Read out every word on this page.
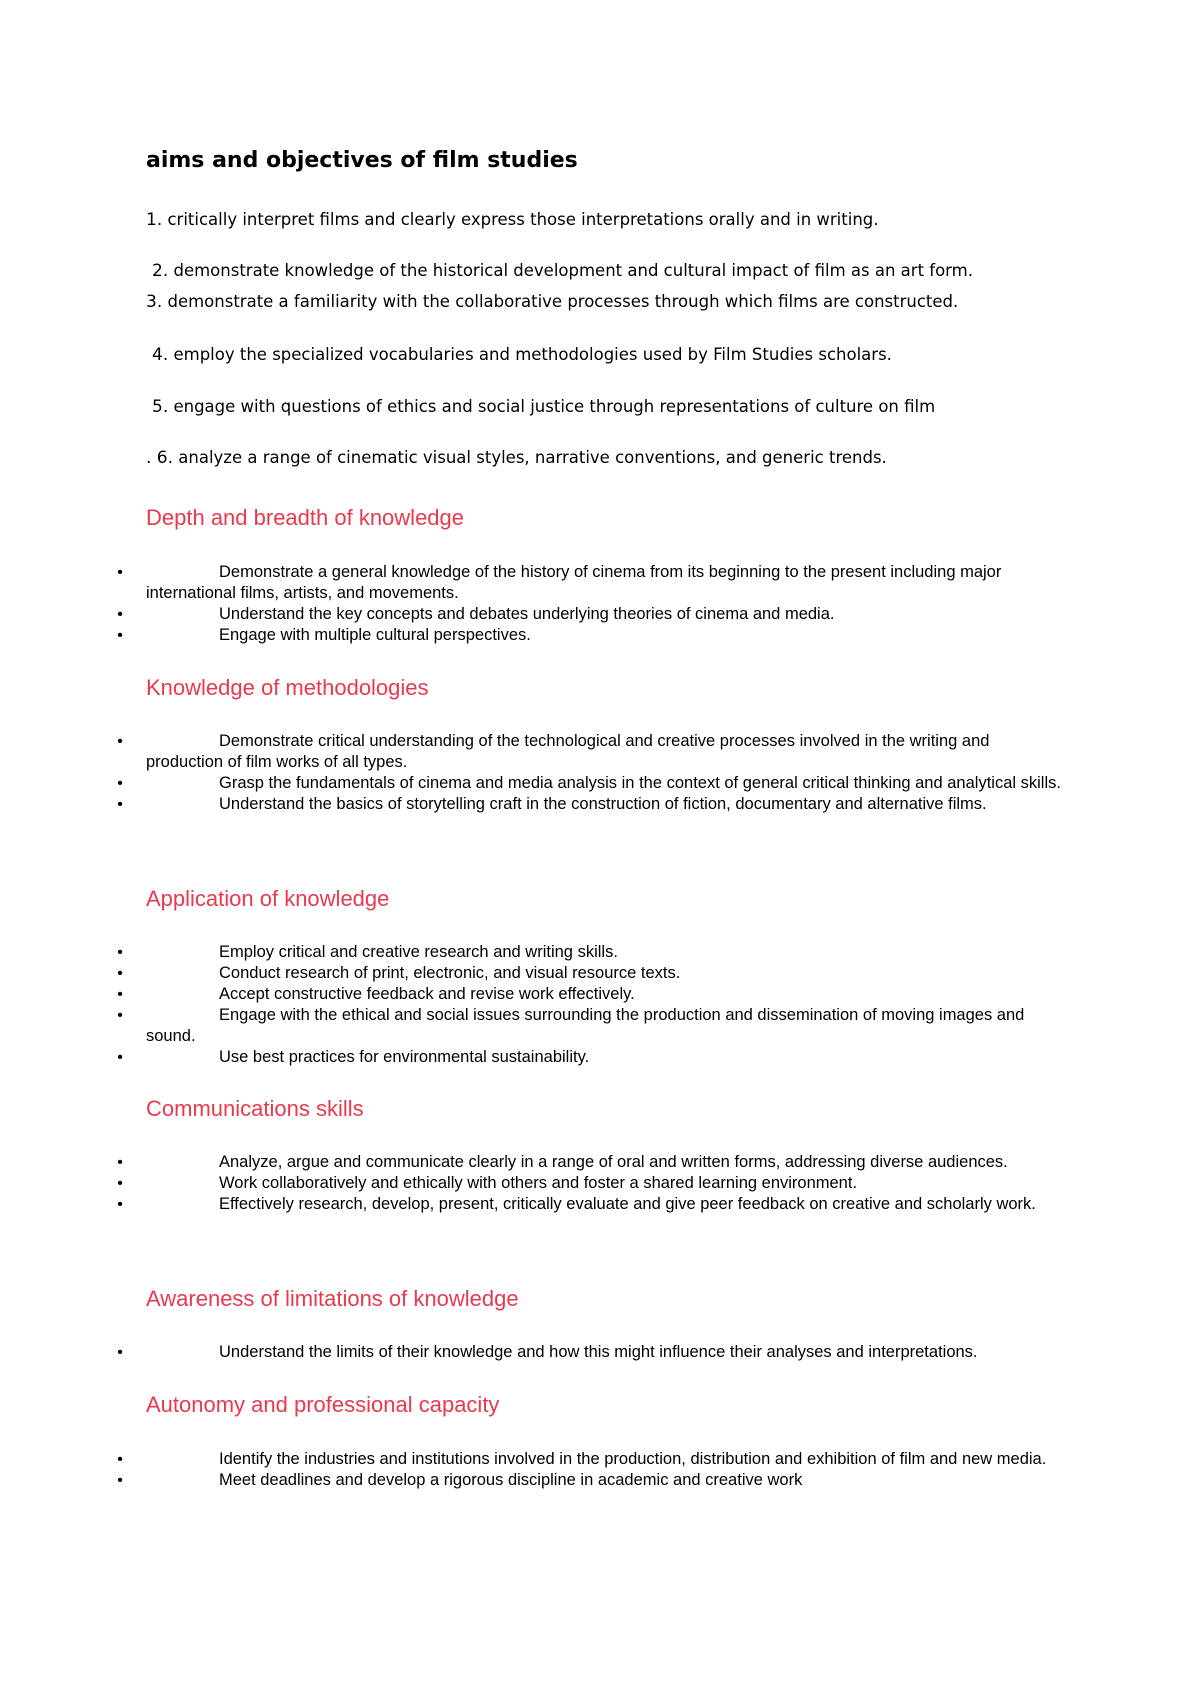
aims and objectives of film studies
1. critically interpret films and clearly express those interpretations orally and in writing.
2. demonstrate knowledge of the historical development and cultural impact of film as an art form.
3. demonstrate a familiarity with the collaborative processes through which films are constructed.
4. employ the specialized vocabularies and methodologies used by Film Studies scholars.
5. engage with questions of ethics and social justice through representations of culture on film
. 6. analyze a range of cinematic visual styles, narrative conventions, and generic trends.
Depth and breadth of knowledge
•	Demonstrate a general knowledge of the history of cinema from its beginning to the present including major international films, artists, and movements.
•	Understand the key concepts and debates underlying theories of cinema and media.
•	Engage with multiple cultural perspectives.
Knowledge of methodologies
•	Demonstrate critical understanding of the technological and creative processes involved in the writing and production of film works of all types.
•	Grasp the fundamentals of cinema and media analysis in the context of general critical thinking and analytical skills.
•	Understand the basics of storytelling craft in the construction of fiction, documentary and alternative films.
Application of knowledge
•	Employ critical and creative research and writing skills.
•	Conduct research of print, electronic, and visual resource texts.
•	Accept constructive feedback and revise work effectively.
•	Engage with the ethical and social issues surrounding the production and dissemination of moving images and sound.
•	Use best practices for environmental sustainability.
Communications skills
•	Analyze, argue and communicate clearly in a range of oral and written forms, addressing diverse audiences.
•	Work collaboratively and ethically with others and foster a shared learning environment.
•	Effectively research, develop, present, critically evaluate and give peer feedback on creative and scholarly work.
Awareness of limitations of knowledge
•	Understand the limits of their knowledge and how this might influence their analyses and interpretations.
Autonomy and professional capacity
•	Identify the industries and institutions involved in the production, distribution and exhibition of film and new media.
•	Meet deadlines and develop a rigorous discipline in academic and creative work
